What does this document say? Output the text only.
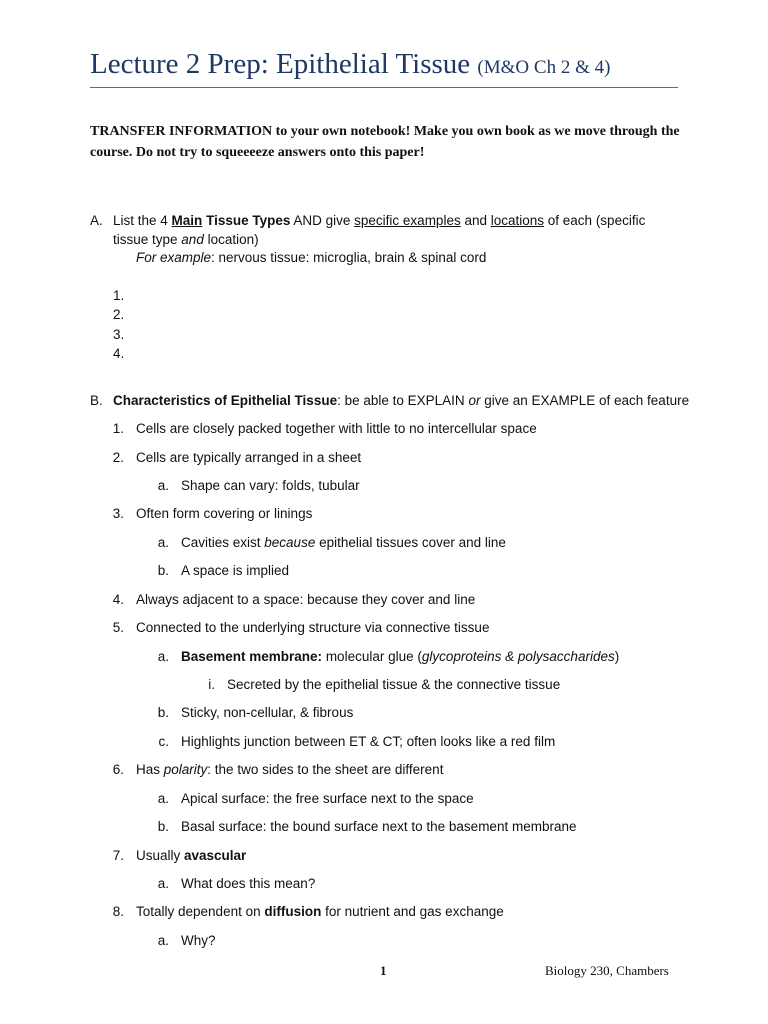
Lecture 2 Prep: Epithelial Tissue (M&O Ch 2 & 4)
TRANSFER INFORMATION to your own notebook! Make you own book as we move through the course. Do not try to squeeeeze answers onto this paper!
A. List the 4 Main Tissue Types AND give specific examples and locations of each (specific
tissue type and location)
For example: nervous tissue: microglia, brain & spinal cord
1.
2.
3.
4.
B. Characteristics of Epithelial Tissue: be able to EXPLAIN or give an EXAMPLE of each feature
1. Cells are closely packed together with little to no intercellular space
2. Cells are typically arranged in a sheet
a. Shape can vary: folds, tubular
3. Often form covering or linings
a. Cavities exist because epithelial tissues cover and line
b. A space is implied
4. Always adjacent to a space: because they cover and line
5. Connected to the underlying structure via connective tissue
a. Basement membrane: molecular glue (glycoproteins & polysaccharides)
i. Secreted by the epithelial tissue & the connective tissue
b. Sticky, non-cellular, & fibrous
c. Highlights junction between ET & CT; often looks like a red film
6. Has polarity: the two sides to the sheet are different
a. Apical surface: the free surface next to the space
b. Basal surface: the bound surface next to the basement membrane
7. Usually avascular
a. What does this mean?
8. Totally dependent on diffusion for nutrient and gas exchange
a. Why?
1	Biology 230, Chambers
